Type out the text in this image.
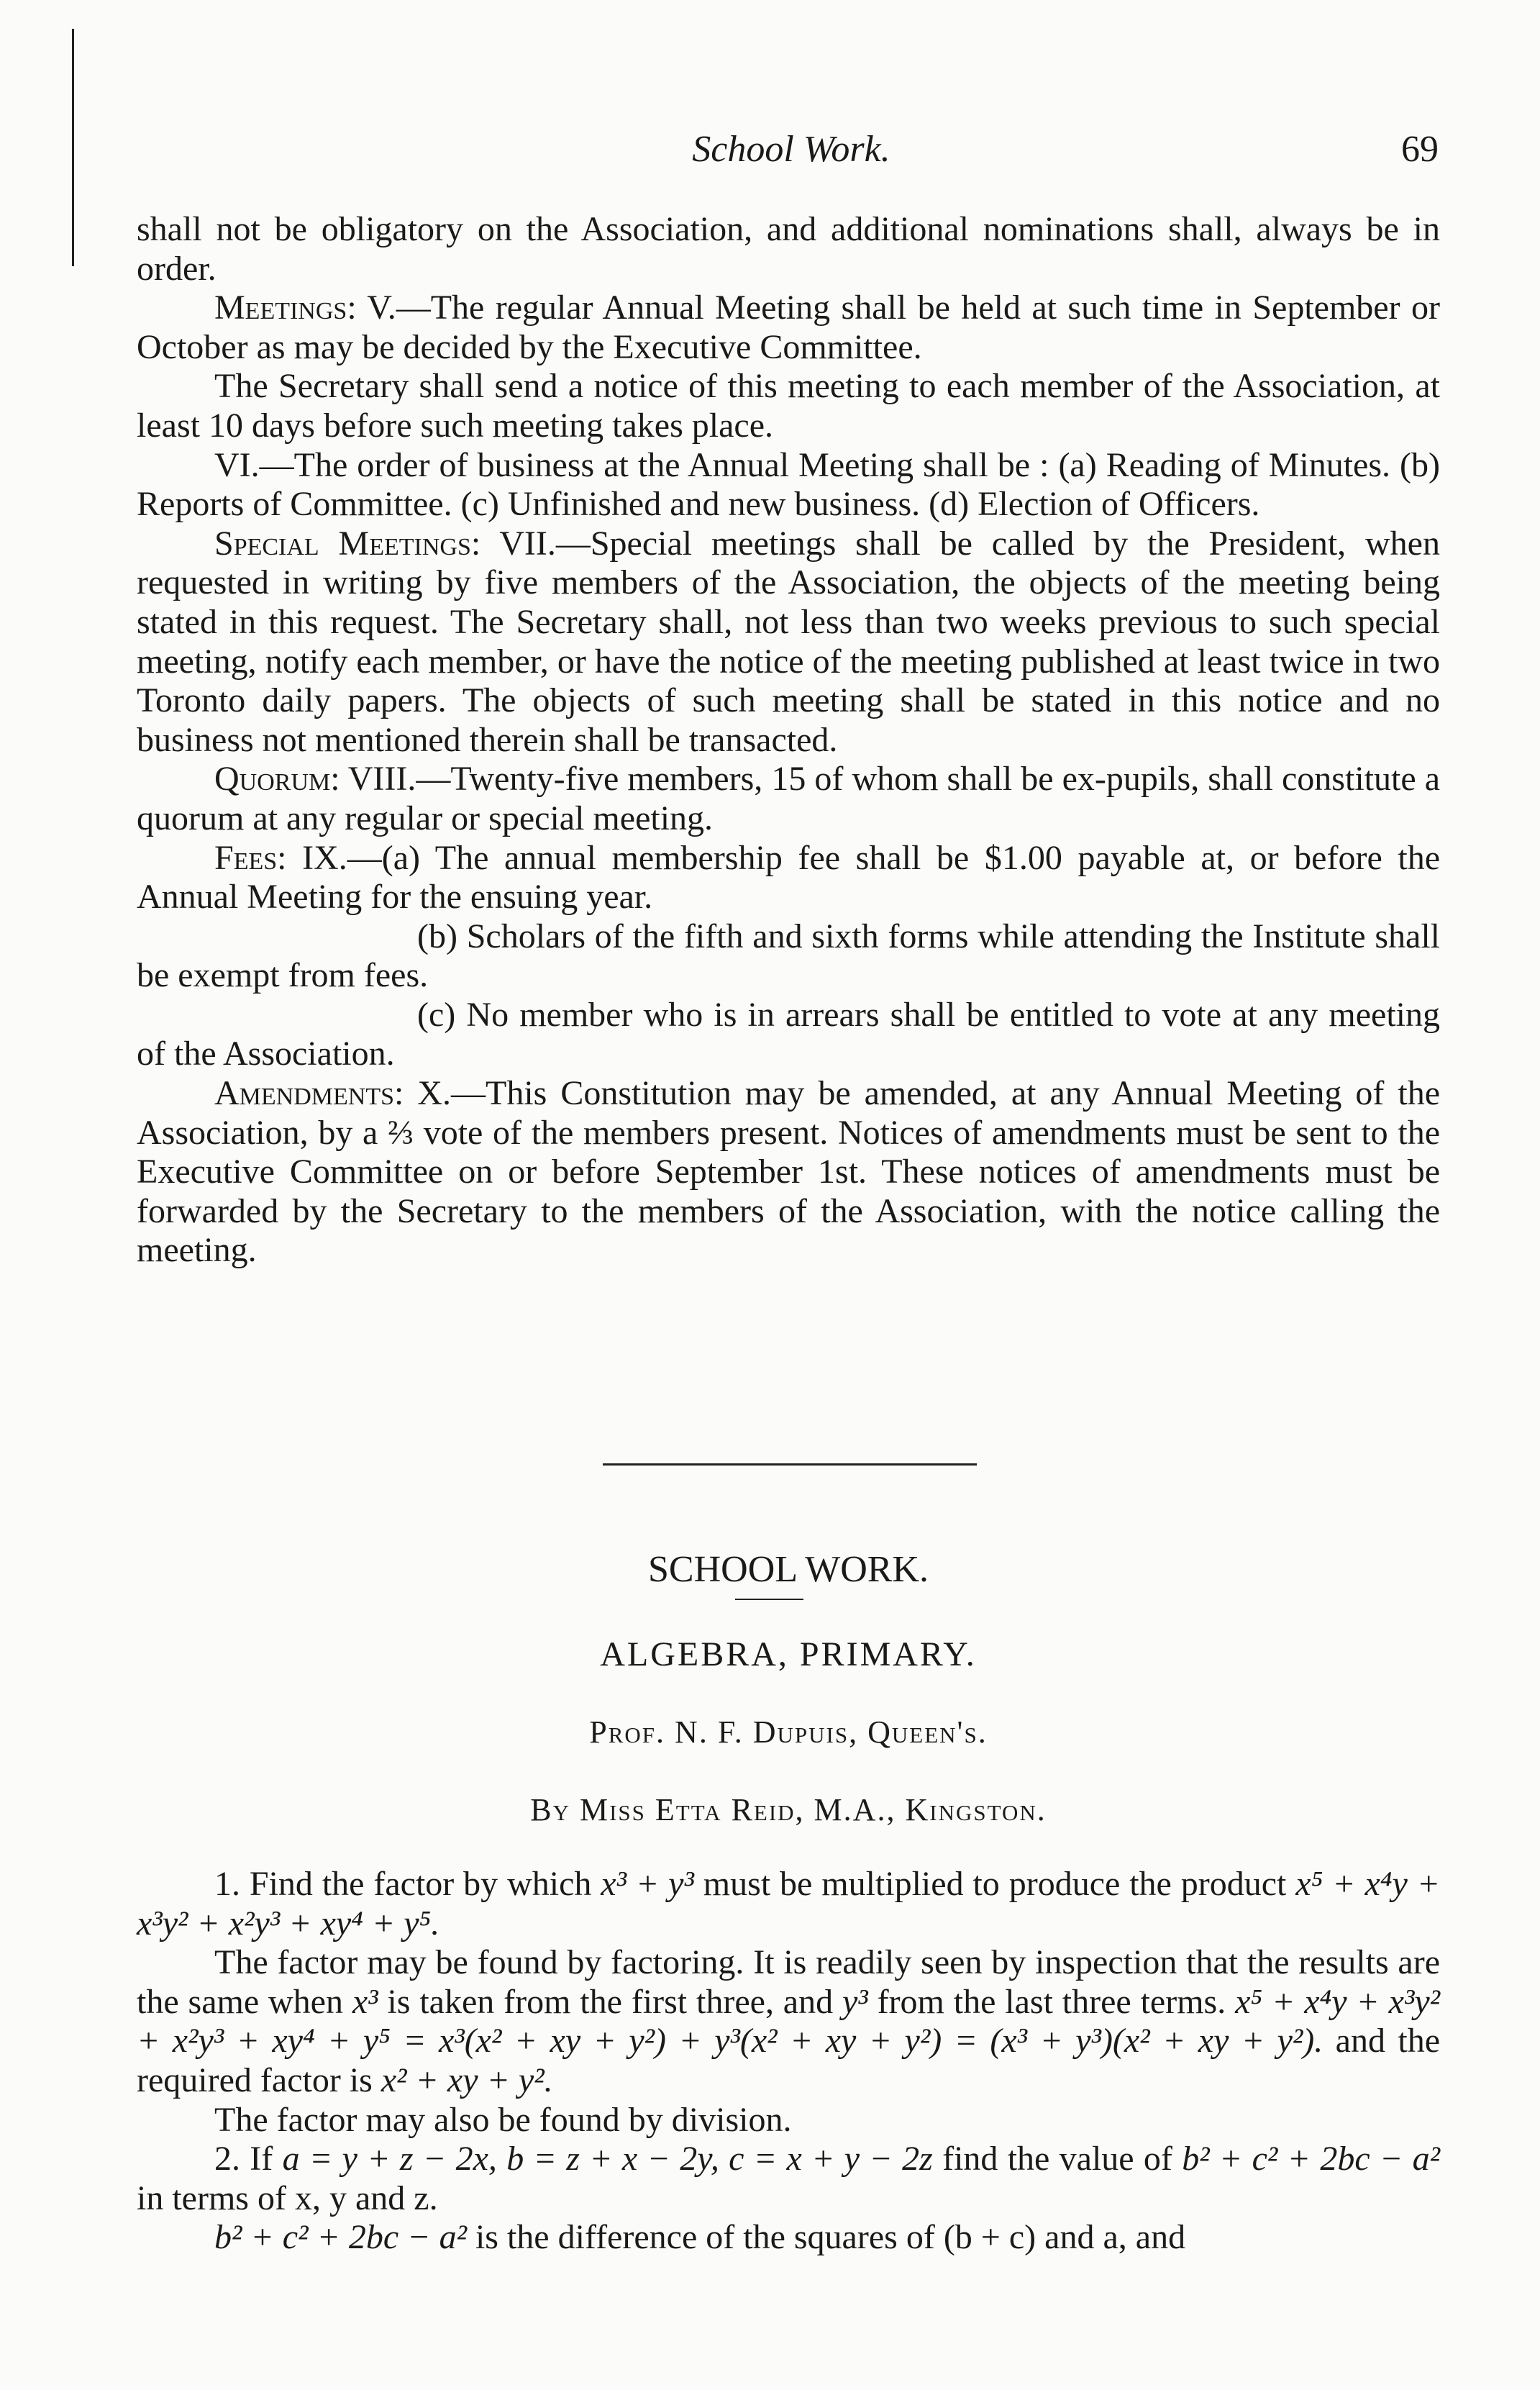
School Work.	69

shall not be obligatory on the Association, and additional nominations shall, always be in order.

Meetings: V.—The regular Annual Meeting shall be held at such time in September or October as may be decided by the Executive Committee.

The Secretary shall send a notice of this meeting to each member of the Association, at least 10 days before such meeting takes place.

VI.—The order of business at the Annual Meeting shall be : (a) Reading of Minutes. (b) Reports of Committee. (c) Unfinished and new business. (d) Election of Officers.

Special Meetings: VII.—Special meetings shall be called by the President, when requested in writing by five members of the Association, the objects of the meeting being stated in this request. The Secretary shall, not less than two weeks previous to such special meeting, notify each member, or have the notice of the meeting published at least twice in two Toronto daily papers. The objects of such meeting shall be stated in this notice and no business not mentioned therein shall be transacted.

Quorum: VIII.—Twenty-five members, 15 of whom shall be ex-pupils, shall constitute a quorum at any regular or special meeting.

Fees: IX.—(a) The annual membership fee shall be $1.00 payable at, or before the Annual Meeting for the ensuing year.

(b) Scholars of the fifth and sixth forms while attending the Institute shall be exempt from fees.

(c) No member who is in arrears shall be entitled to vote at any meeting of the Association.

Amendments: X.—This Constitution may be amended, at any Annual Meeting of the Association, by a ⅔ vote of the members present. Notices of amendments must be sent to the Executive Committee on or before September 1st. These notices of amendments must be forwarded by the Secretary to the members of the Association, with the notice calling the meeting.

SCHOOL WORK.
ALGEBRA, PRIMARY.
Prof. N. F. Dupuis, Queen's.
By Miss Etta Reid, M.A., Kingston.

1. Find the factor by which x³ + y³ must be multiplied to produce the product x⁵ + x⁴y + x³y² + x²y³ + xy⁴ + y⁵.

The factor may be found by factoring. It is readily seen by inspection that the results are the same when x³ is taken from the first three, and y³ from the last three terms. x⁵ + x⁴y + x³y² + x²y³ + xy⁴ + y⁵ = x³(x² + xy + y²) + y³(x² + xy + y²) = (x³ + y³)(x² + xy + y²). and the required factor is x² + xy + y².

The factor may also be found by division.

2. If a = y + z − 2x, b = z + x − 2y, c = x + y − 2z find the value of b² + c² + 2bc − a² in terms of x, y and z.

b² + c² + 2bc − a² is the difference of the squares of (b + c) and a, and
